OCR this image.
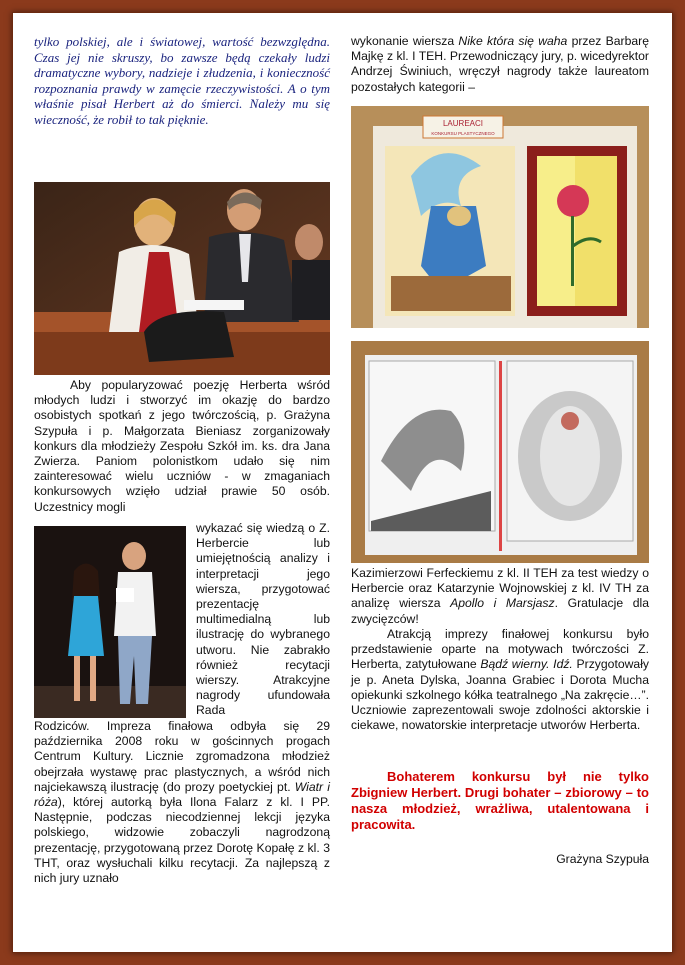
tylko polskiej, ale i światowej, wartość bezwzględna. Czas jej nie skruszy, bo zawsze będą czekały ludzi dramatyczne wybory, nadzieje i złudzenia, i konieczność rozpoznania prawdy w zamęcie rzeczywistości. A o tym właśnie pisał Herbert aż do śmierci. Należy mu się wieczność, że robił to tak pięknie.

Aby popularyzować poezję Herberta wśród młodych ludzi i stworzyć im okazję do bardzo osobistych spotkań z jego twórczością, p. Grażyna Szypuła i p. Małgorzata Bieniasz zorganizowały konkurs dla młodzieży Zespołu Szkół im. ks. dra Jana Zwierza. Paniom polonistkom udało się nim zainteresować wielu uczniów - w zmaganiach konkursowych wzięło udział prawie 50 osób. Uczestnicy mogli

wykazać się wiedzą o Z. Herbercie lub umiejętnością analizy i interpretacji jego wiersza, przygotować prezentację multimedialną lub ilustrację do wybranego utworu. Nie zabrakło również recytacji wierszy. Atrakcyjne nagrody ufundowała Rada

Rodziców. Impreza finałowa odbyła się 29 października 2008 roku w gościnnych progach Centrum Kultury. Licznie zgromadzona młodzież obejrzała wystawę prac plastycznych, a wśród nich najciekawszą ilustrację (do prozy poetyckiej pt. Wiatr i róża), której autorką była Ilona Falarz z kl. I PP. Następnie, podczas niecodziennej lekcji języka polskiego, widzowie zobaczyli nagrodzoną prezentację, przygotowaną przez Dorotę Kopałę z kl. 3 THT, oraz wysłuchali kilku recytacji. Za najlepszą z nich jury uznało

wykonanie wiersza Nike która się waha przez Barbarę Majkę z kl. I TEH. Przewodniczący jury, p. wicedyrektor Andrzej Świniuch, wręczył nagrody także laureatom pozostałych kategorii –

LAUREACI
KONKURSU PLASTYCZNEGO

Kazimierzowi Ferfeckiemu z kl. II TEH za test wiedzy o Herbercie oraz Katarzynie Wojnowskiej z kl. IV TH za analizę wiersza Apollo i Marsjasz. Gratulacje dla zwycięzców!

Atrakcją imprezy finałowej konkursu było przedstawienie oparte na motywach twórczości Z. Herberta, zatytułowane Bądź wierny. Idź. Przygotowały je p. Aneta Dylska, Joanna Grabiec i Dorota Mucha opiekunki szkolnego kółka teatralnego „Na zakręcie…”. Uczniowie zaprezentowali swoje zdolności aktorskie i ciekawe, nowatorskie interpretacje utworów Herberta.

Bohaterem konkursu był nie tylko Zbigniew Herbert. Drugi bohater – zbiorowy – to nasza młodzież, wrażliwa, utalentowana i pracowita.

Grażyna Szypuła
